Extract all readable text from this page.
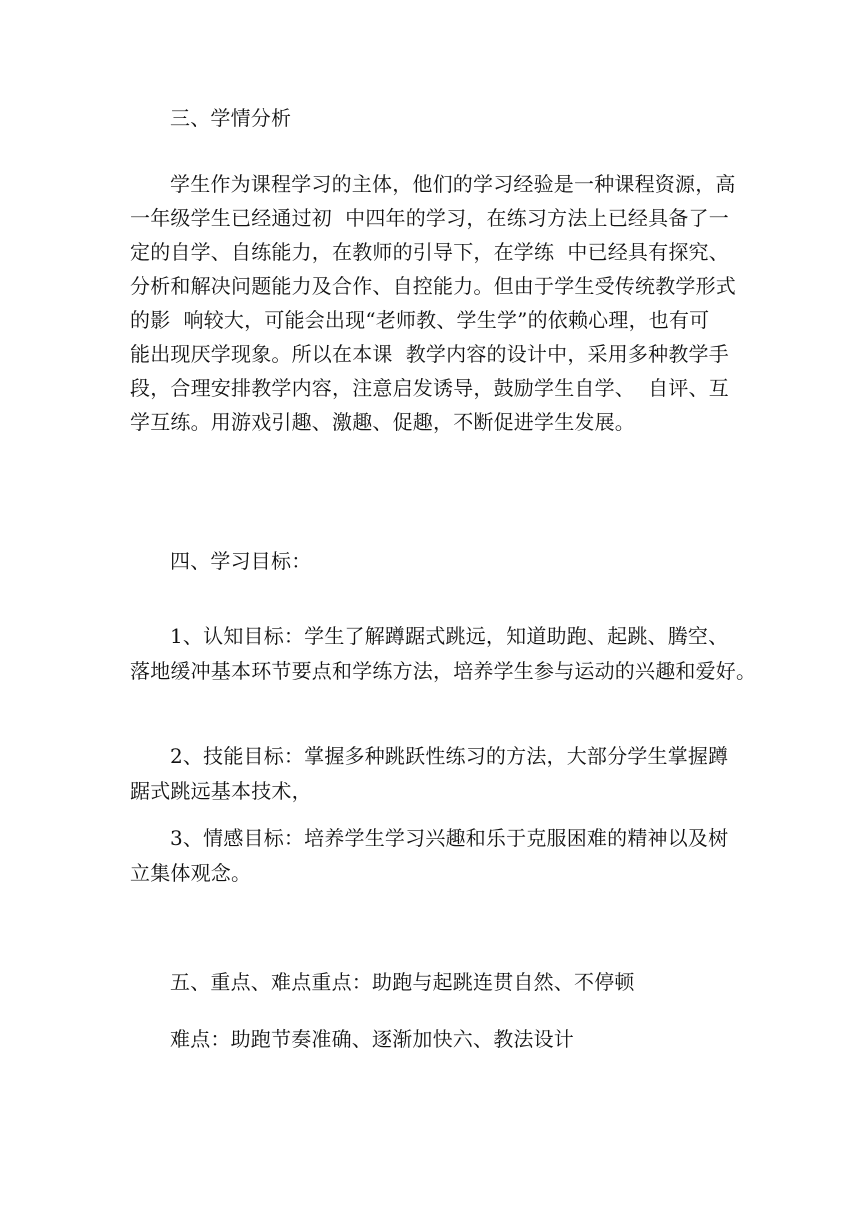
三、学情分析
学生作为课程学习的主体，他们的学习经验是一种课程资源，高
一年级学生已经通过初  中四年的学习，在练习方法上已经具备了一
定的自学、自练能力，在教师的引导下，在学练  中已经具有探究、
分析和解决问题能力及合作、自控能力。但由于学生受传统教学形式
的影  响较大，可能会出现“老师教、学生学”的依赖心理，也有可
能出现厌学现象。所以在本课  教学内容的设计中，采用多种教学手
段，合理安排教学内容，注意启发诱导，鼓励学生自学、  自评、互
学互练。用游戏引趣、激趣、促趣，不断促进学生发展。
四、学习目标：
1、认知目标：学生了解蹲踞式跳远，知道助跑、起跳、腾空、
落地缓冲基本环节要点和学练方法，培养学生参与运动的兴趣和爱好。
2、技能目标：掌握多种跳跃性练习的方法，大部分学生掌握蹲
踞式跳远基本技术，
3、情感目标：培养学生学习兴趣和乐于克服困难的精神以及树
立集体观念。
五、重点、难点重点：助跑与起跳连贯自然、不停顿
难点：助跑节奏准确、逐渐加快六、教法设计
